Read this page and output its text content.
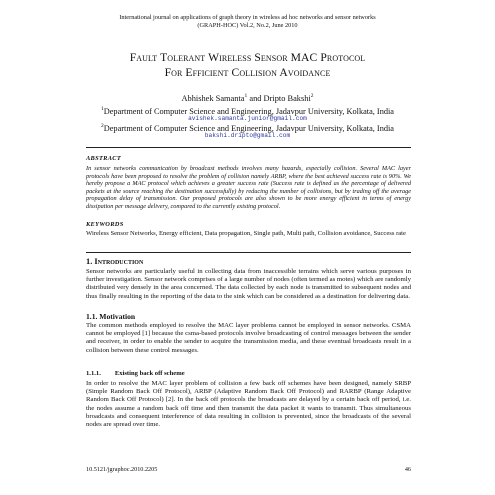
International journal on applications of graph theory in wireless ad hoc networks and sensor networks
(GRAPH-HOC) Vol.2, No.2, June 2010
Fault Tolerant Wireless Sensor MAC Protocol
For Efficient Collision Avoidance
Abhishek Samanta$^1$ and Dripto Bakshi$^2$
$^1$Department of Computer Science and Engineering, Jadavpur University, Kolkata, India
avishek.samanta.junior@gmail.com
$^2$Department of Computer Science and Engineering, Jadavpur University, Kolkata, India
bakshi.dripto@gmail.com
ABSTRACT
In sensor networks communication by broadcast methods involves many hazards, especially collision. Several MAC layer protocols have been proposed to resolve the problem of collision namely ARBP, where the best achieved success rate is 90%. We hereby propose a MAC protocol which achieves a greater success rate (Success rate is defined as the percentage of delivered packets at the source reaching the destination successfully) by reducing the number of collisions, but by trading off the average propagation delay of transmission. Our proposed protocols are also shown to be more energy efficient in terms of energy dissipation per message delivery, compared to the currently existing protocol.
KEYWORDS
Wireless Sensor Networks, Energy efficient, Data propagation, Single path, Multi path, Collision avoidance, Success rate
1. Introduction
Sensor networks are particularly useful in collecting data from inaccessible terrains which serve various purposes in further investigation. Sensor network comprises of a large number of nodes (often termed as motes) which are randomly distributed very densely in the area concerned. The data collected by each node is transmitted to subsequent nodes and thus finally resulting in the reporting of the data to the sink which can be considered as a destination for delivering data.
1.1. Motivation
The common methods employed to resolve the MAC layer problems cannot be employed in sensor networks. CSMA cannot be employed [1] because the csma-based protocols involve broadcasting of control messages between the sender and receiver, in order to enable the sender to acquire the transmission media, and these eventual broadcasts result in a collision between these control messages.
1.1.1. Existing back off scheme
In order to resolve the MAC layer problem of collision a few back off schemes have been designed, namely SRBP (Simple Random Back Off Protocol), ARBP (Adaptive Random Back Off Protocol) and RARBP (Range Adaptive Random Back Off Protocol) [2]. In the back off protocols the broadcasts are delayed by a certain back off period, i.e. the nodes assume a random back off time and then transmit the data packet it wants to transmit. Thus simultaneous broadcasts and consequent interference of data resulting in collision is prevented, since the broadcasts of the several nodes are spread over time.
10.5121/jgraphoc.2010.2205	46
